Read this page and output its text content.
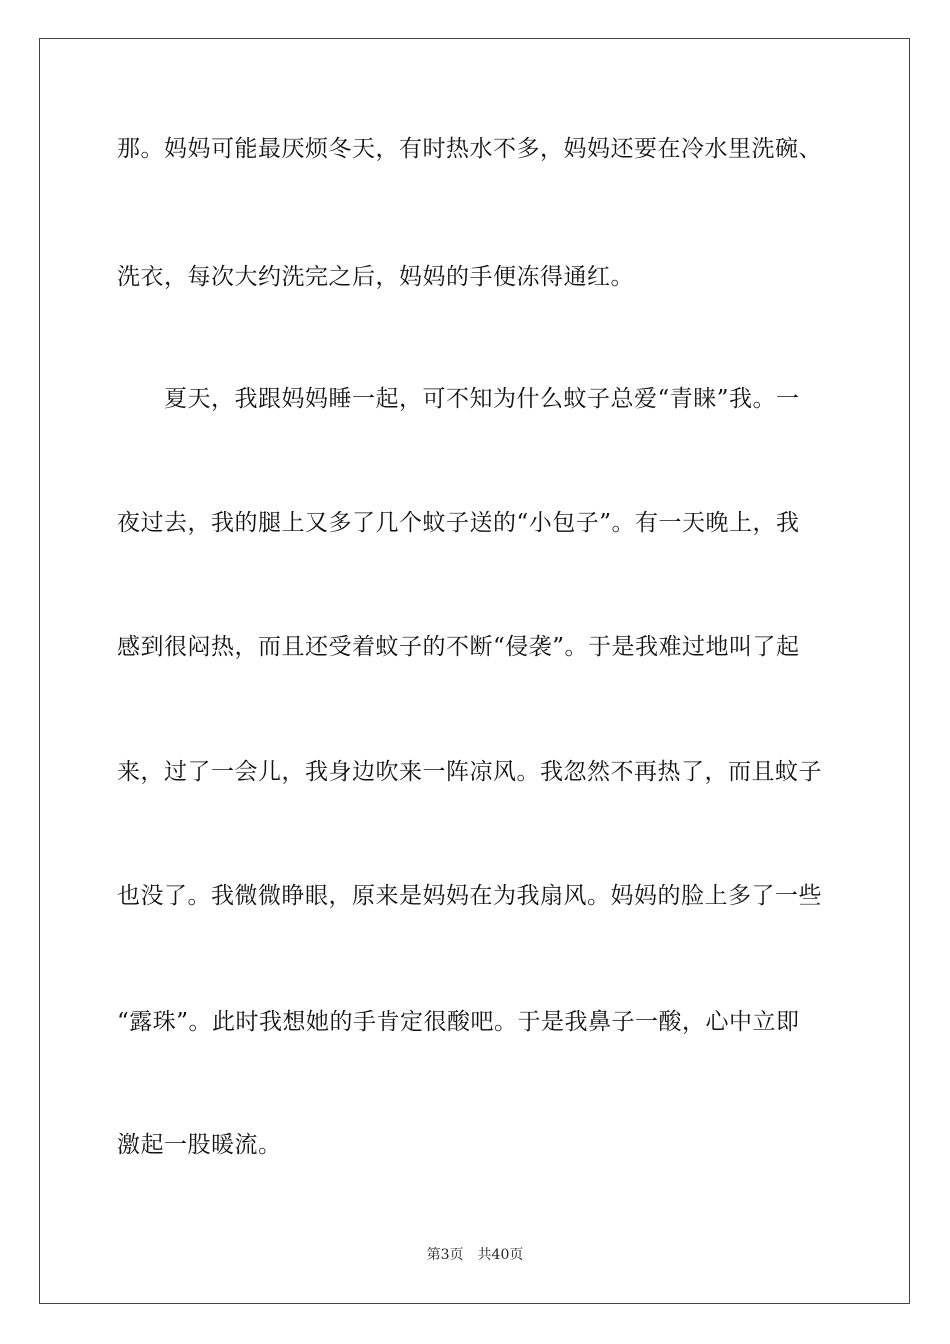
那。妈妈可能最厌烦冬天，有时热水不多，妈妈还要在冷水里洗碗、
洗衣，每次大约洗完之后，妈妈的手便冻得通红。
夏天，我跟妈妈睡一起，可不知为什么蚊子总爱“青睐”我。一
夜过去，我的腿上又多了几个蚊子送的“小包子”。有一天晚上，我
感到很闷热，而且还受着蚊子的不断“侵袭”。于是我难过地叫了起
来，过了一会儿，我身边吹来一阵凉风。我忽然不再热了，而且蚊子
也没了。我微微睁眼，原来是妈妈在为我扇风。妈妈的脸上多了一些
“露珠”。此时我想她的手肯定很酸吧。于是我鼻子一酸，心中立即
激起一股暖流。
第3页 共40页
